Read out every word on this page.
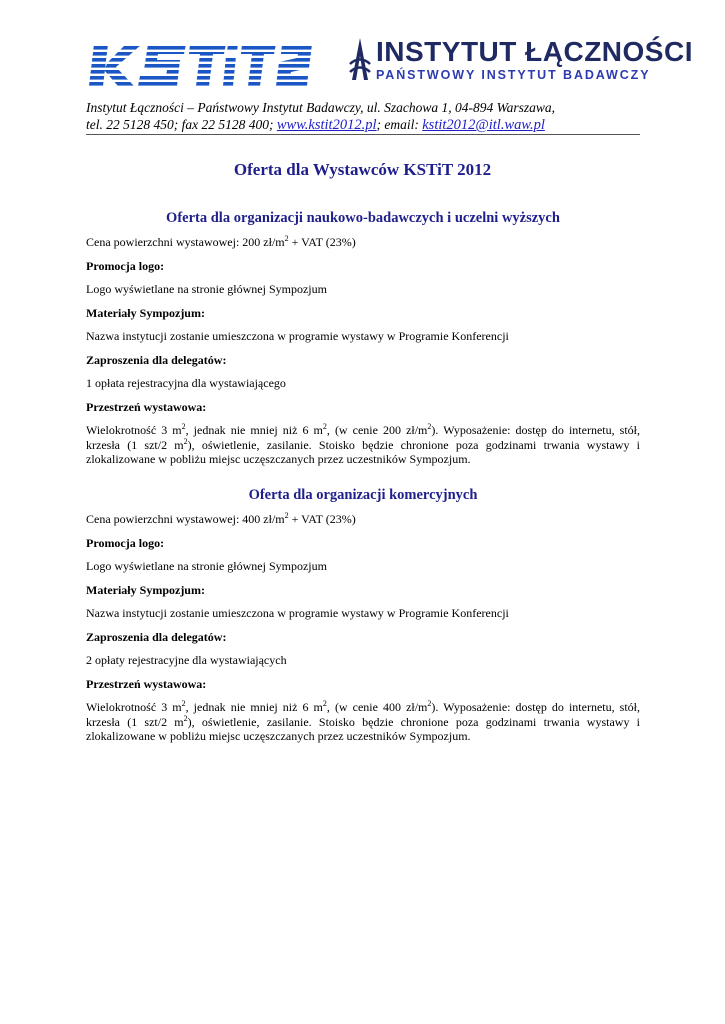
INSTYTUT ŁĄCZNOŚCI
PAŃSTWOWY INSTYTUT BADAWCZY
Instytut Łączności – Państwowy Instytut Badawczy, ul. Szachowa 1, 04-894 Warszawa,
tel. 22 5128 450; fax 22 5128 400; www.kstit2012.pl; email: kstit2012@itl.waw.pl
Oferta dla Wystawców KSTiT 2012
Oferta dla organizacji naukowo-badawczych i uczelni wyższych
Cena powierzchni wystawowej: 200 $zł/m^2$ + VAT (23%)
Promocja logo:
Logo wyświetlane na stronie głównej Sympozjum
Materiały Sympozjum:
Nazwa instytucji zostanie umieszczona w programie wystawy w Programie Konferencji
Zaproszenia dla delegatów:
1 opłata rejestracyjna dla wystawiającego
Przestrzeń wystawowa:
Wielokrotność 3 $m^2$, jednak nie mniej niż 6 $m^2$, (w cenie 200 $zł/m^2$). Wyposażenie: dostęp do internetu, stół, krzesła (1 szt/2 $m^2$), oświetlenie, zasilanie. Stoisko będzie chronione poza godzinami trwania wystawy i zlokalizowane w pobliżu miejsc uczęszczanych przez uczestników Sympozjum.
Oferta dla organizacji komercyjnych
Cena powierzchni wystawowej: 400 $zł/m^2$ + VAT (23%)
Promocja logo:
Logo wyświetlane na stronie głównej Sympozjum
Materiały Sympozjum:
Nazwa instytucji zostanie umieszczona w programie wystawy w Programie Konferencji
Zaproszenia dla delegatów:
2 opłaty rejestracyjne dla wystawiających
Przestrzeń wystawowa:
Wielokrotność 3 $m^2$, jednak nie mniej niż 6 $m^2$, (w cenie 400 $zł/m^2$). Wyposażenie: dostęp do internetu, stół, krzesła (1 szt/2 $m^2$), oświetlenie, zasilanie. Stoisko będzie chronione poza godzinami trwania wystawy i zlokalizowane w pobliżu miejsc uczęszczanych przez uczestników Sympozjum.
